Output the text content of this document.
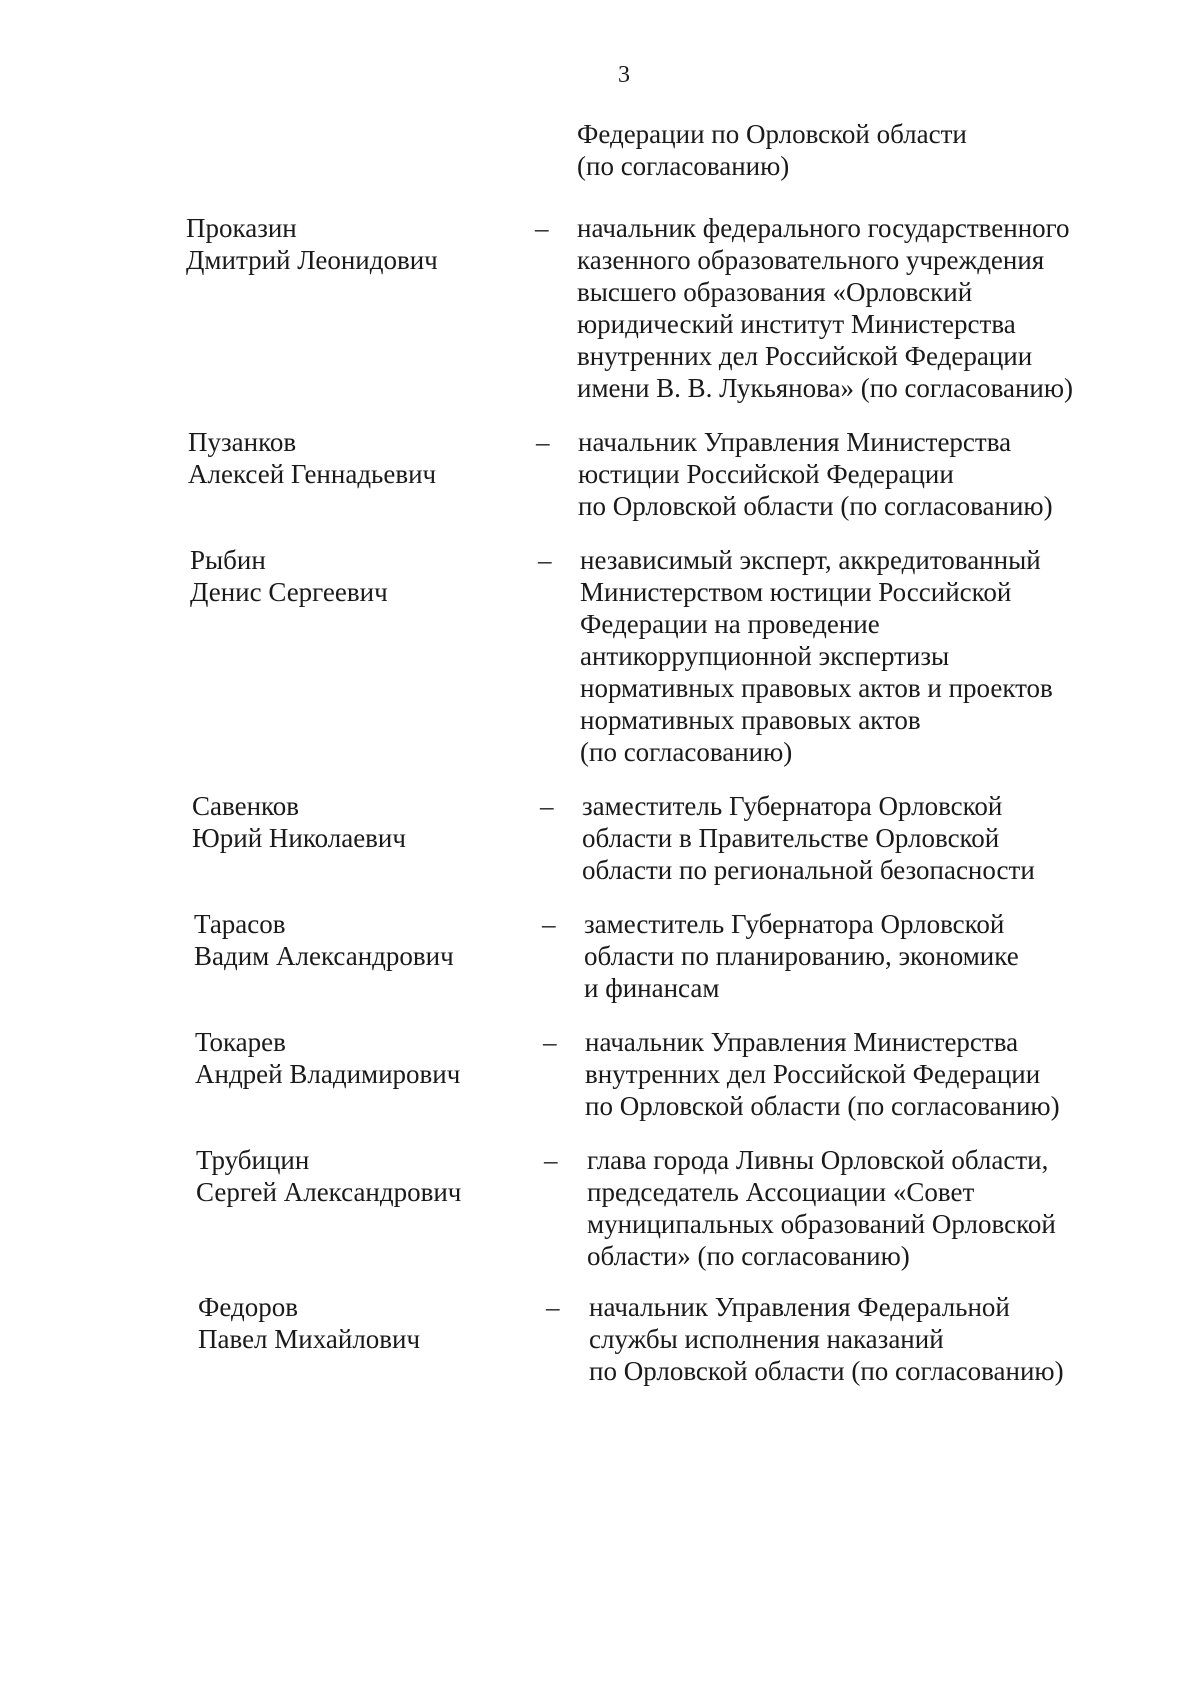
3
Федерации по Орловской области
(по согласованию)
Проказин
Дмитрий Леонидович
– начальник федерального государственного
казенного образовательного учреждения
высшего образования «Орловский
юридический институт Министерства
внутренних дел Российской Федерации
имени В. В. Лукьянова» (по согласованию)
Пузанков
Алексей Геннадьевич
– начальник Управления Министерства
юстиции Российской Федерации
по Орловской области (по согласованию)
Рыбин
Денис Сергеевич
– независимый эксперт, аккредитованный
Министерством юстиции Российской
Федерации на проведение
антикоррупционной экспертизы
нормативных правовых актов и проектов
нормативных правовых актов
(по согласованию)
Савенков
Юрий Николаевич
– заместитель Губернатора Орловской
области в Правительстве Орловской
области по региональной безопасности
Тарасов
Вадим Александрович
– заместитель Губернатора Орловской
области по планированию, экономике
и финансам
Токарев
Андрей Владимирович
– начальник Управления Министерства
внутренних дел Российской Федерации
по Орловской области (по согласованию)
Трубицин
Сергей Александрович
– глава города Ливны Орловской области,
председатель Ассоциации «Совет
муниципальных образований Орловской
области» (по согласованию)
Федоров
Павел Михайлович
– начальник Управления Федеральной
службы исполнения наказаний
по Орловской области (по согласованию)
